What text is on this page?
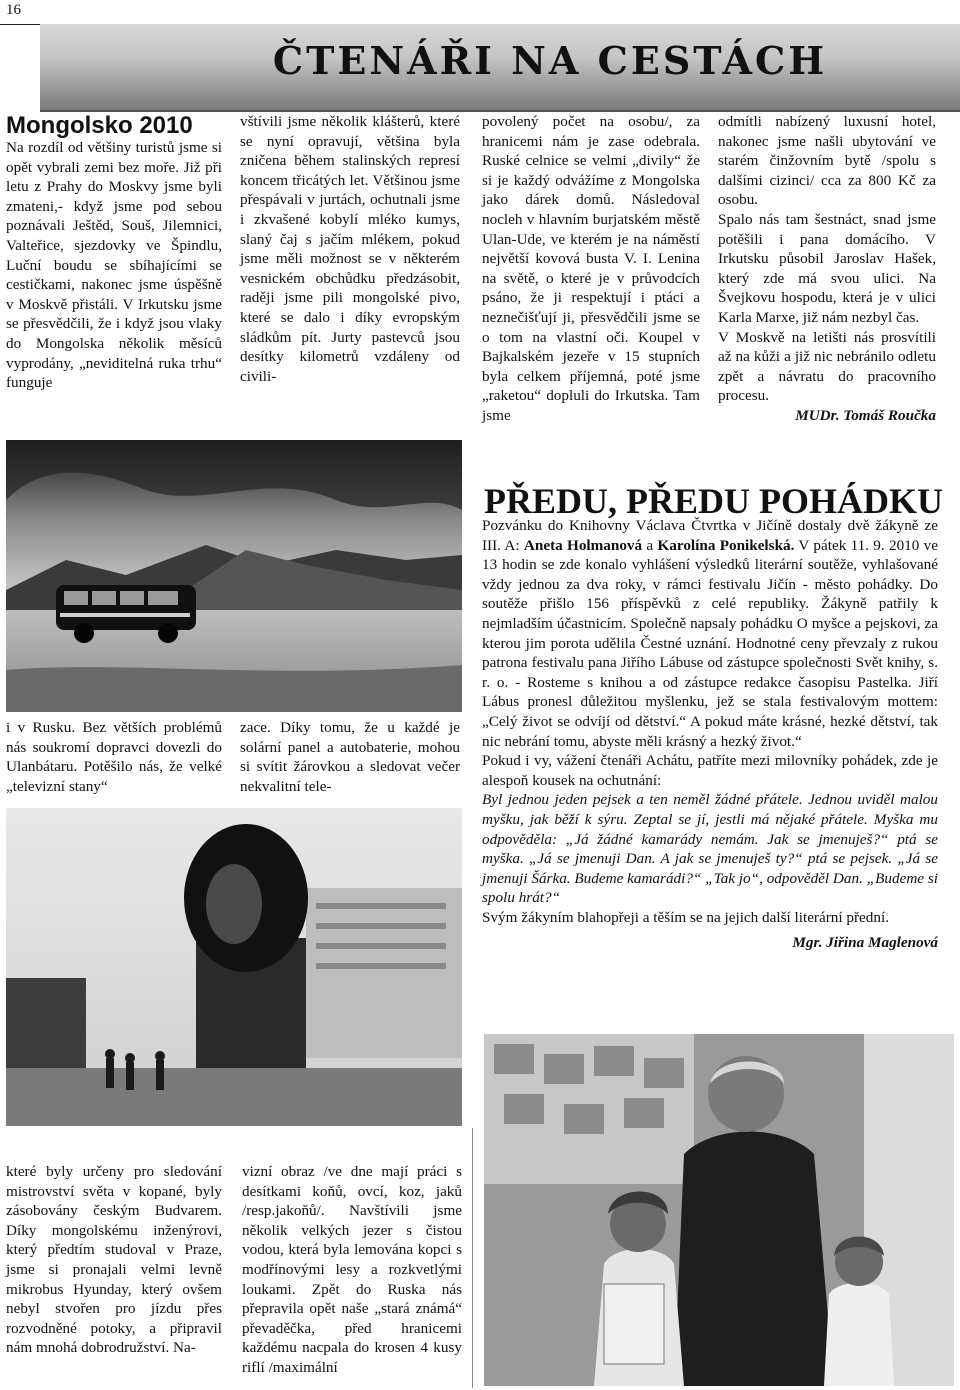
16
ČTENÁŘI NA CESTÁCH
Mongolsko 2010

Na rozdíl od většiny turistů jsme si opět vybrali zemi bez moře. Již při letu z Prahy do Moskvy jsme byli zmateni,- když jsme pod sebou poznávali Ještěd, Souš, Jilemnici, Valteřice, sjezdovky ve Špindlu, Luční boudu se sbíhajícími se cestičkami, nakonec jsme úspěšně v Moskvě přistáli. V Irkutsku jsme se přesvědčili, že i když jsou vlaky do Mongolska několik měsíců vyprodány, „neviditelná ruka trhu“ funguje

vštívili jsme několik klášterů, které se nyní opravují, většina byla zničena během stalinských represí koncem třicátých let. Většinou jsme přespávali v jurtách, ochutnali jsme i zkvašené kobylí mléko kumys, slaný čaj s jačím mlékem, pokud jsme měli možnost se v některém vesnickém obchůdku předzásobit, raději jsme pili mongolské pivo, které se dalo i díky evropským sládkům pít. Jurty pastevců jsou desítky kilometrů vzdáleny od civili-

povolený počet na osobu/, za hranicemi nám je zase odebrala. Ruské celnice se velmi „divily“ že si je každý odvážíme z Mongolska jako dárek domů. Následoval nocleh v hlavním burjatském městě Ulan-Ude, ve kterém je na náměstí největší kovová busta V. I. Lenina na světě, o které je v průvodcích psáno, že ji respektují i ptáci a neznečišťují ji, přesvědčili jsme se o tom na vlastní oči. Koupel v Bajkalském jezeře v 15 stupních byla celkem příjemná, poté jsme „raketou“ dopluli do Irkutska. Tam jsme

odmítli nabízený luxusní hotel, nakonec jsme našli ubytování ve starém činžovním bytě /spolu s dalšími cizinci/ cca za 800 Kč za osobu.

Spalo nás tam šestnáct, snad jsme potěšili i pana domácího. V Irkutsku působil Jaroslav Hašek, který zde má svou ulici. Na Švejkovu hospodu, která je v ulici Karla Marxe, již nám nezbyl čas.

V Moskvě na letišti nás prosvítili až na kůži a již nic nebránilo odletu zpět a návratu do pracovního procesu.

MUDr. Tomáš Roučka

i v Rusku. Bez větších problémů nás soukromí dopravci dovezli do Ulanbátaru. Potěšilo nás, že velké „televizní stany“

zace. Díky tomu, že u každé je solární panel a autobaterie, mohou si svítit žárovkou a sledovat večer nekvalitní tele-

které byly určeny pro sledování mistrovství světa v kopané, byly zásobovány českým Budvarem. Díky mongolskému inženýrovi, který předtím studoval v Praze, jsme si pronajali velmi levně mikrobus Hyunday, který ovšem nebyl stvořen pro jízdu přes rozvodněné potoky, a připravil nám mnohá dobrodružství. Na-

vizní obraz /ve dne mají práci s desítkami koňů, ovcí, koz, jaků /resp.jakoňů/. Navštívili jsme několik velkých jezer s čistou vodou, která byla lemována kopci s modřínovými lesy a rozkvetlými loukami. Zpět do Ruska nás přepravila opět naše „stará známá“ převaděčka, před hranicemi každému nacpala do krosen 4 kusy riflí /maximální

PŘEDU, PŘEDU POHÁDKU

Pozvánku do Knihovny Václava Čtvrtka v Jičíně dostaly dvě žákyně ze III. A: Aneta Holmanová a Karolína Ponikelská. V pátek 11. 9. 2010 ve 13 hodin se zde konalo vyhlášení výsledků literární soutěže, vyhlašované vždy jednou za dva roky, v rámci festivalu Jičín - město pohádky. Do soutěže přišlo 156 příspěvků z celé republiky. Žákyně patřily k nejmladším účastnicím. Společně napsaly pohádku O myšce a pejskovi, za kterou jim porota udělila Čestné uznání. Hodnotné ceny převzaly z rukou patrona festivalu pana Jiřího Lábuse od zástupce společnosti Svět knihy, s. r. o. - Rosteme s knihou a od zástupce redakce časopisu Pastelka. Jiří Lábus pronesl důležitou myšlenku, jež se stala festivalovým mottem: „Celý život se odvíjí od dětství.“ A pokud máte krásné, hezké dětství, tak nic nebrání tomu, abyste měli krásný a hezký život.“

Pokud i vy, vážení čtenáři Achátu, patříte mezi milovníky pohádek, zde je alespoň kousek na ochutnání:

Byl jednou jeden pejsek a ten neměl žádné přátele. Jednou uviděl malou myšku, jak běží k sýru. Zeptal se jí, jestli má nějaké přátele. Myška mu odpověděla: „Já žádné kamarády nemám. Jak se jmenuješ?“ ptá se myška. „Já se jmenuji Dan. A jak se jmenuješ ty?“ ptá se pejsek. „Já se jmenuji Šárka. Budeme kamarádi?“ „Tak jo“, odpověděl Dan. „Budeme si spolu hrát?“

Svým žákyním blahopřeji a těším se na jejich další literární přední.

Mgr. Jiřina Maglenová
